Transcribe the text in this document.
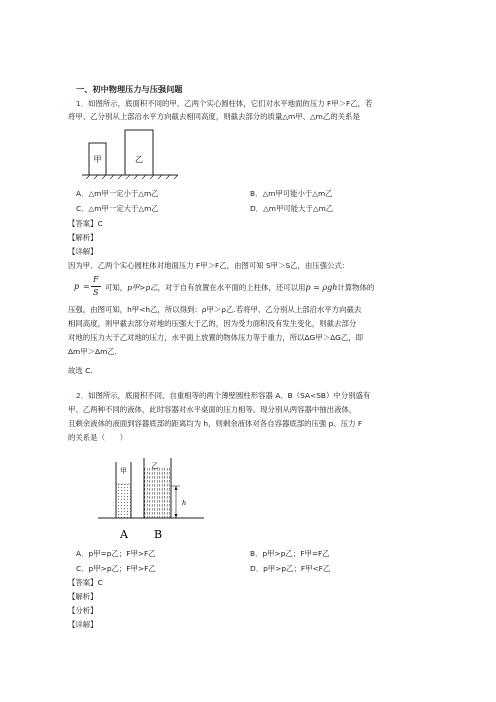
一、初中物理压力与压强问题
1．如图所示，底面积不同的甲、乙两个实心圆柱体，它们对水平地面的压力 F甲＞F乙，若
将甲、乙分别从上部沿水平方向截去相同高度，则截去部分的质量△m甲、△m乙的关系是
甲	乙
A．△m甲一定小于△m乙	B．△m甲可能小于△m乙
C．△m甲一定大于△m乙	D．△m甲可能大于△m乙
【答案】C
【解析】
【详解】
因为甲、乙两个实心圆柱体对地面压力 F甲＞F乙，由图可知 S甲＞S乙，由压强公式：
p =
F
S
可知，p甲>p乙，对于自有放置在水平面的上柱体，还可以用p = ρgh计算物体的
压强，由图可知，h甲<h乙，所以得到：ρ甲＞ρ乙.若将甲、乙分别从上部沿水平方向截去
相同高度，则甲截去部分对地的压强大于乙的，因为受力面积没有发生变化，则截去部分
对地的压力大于乙对地的压力，水平面上放置的物体压力等于重力，所以ΔG甲＞ΔG乙，即
Δm甲＞Δm乙.
故选 C.
2．如图所示，底面积不同、自重相等的两个薄壁圆柱形容器 A、B（SA<SB）中分别盛有
甲、乙两种不同的液体，此时容器对水平桌面的压力相等。现分别从两容器中抽出液体，
且剩余液体的液面到容器底部的距离均为 h，则剩余液体对各自容器底部的压强 p、压力 F
的关系是（　　）
甲
乙
h
A B
A．p甲=p乙；F甲>F乙	B．p甲>p乙；F甲=F乙
C．p甲>p乙；F甲>F乙	D．p甲>p乙；F甲<F乙
【答案】C
【解析】
【分析】
【详解】
